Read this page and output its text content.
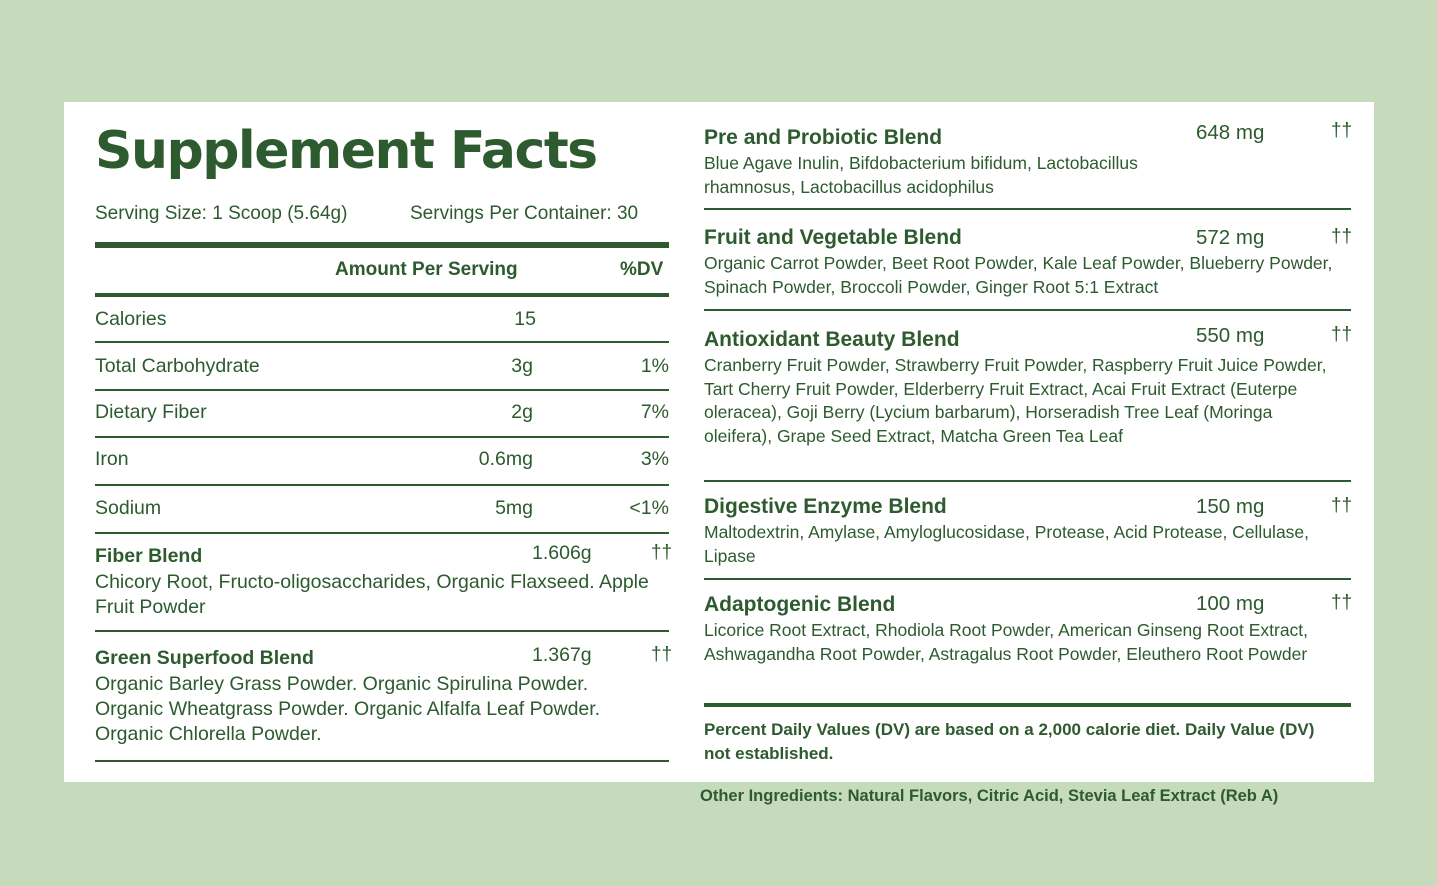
Supplement Facts
Serving Size: 1 Scoop (5.64g)	Servings Per Container: 30
Amount Per Serving	%DV
Calories	15
Total Carbohydrate	3g	1%
Dietary Fiber	2g	7%
Iron	0.6mg	3%
Sodium	5mg	<1%
Fiber Blend	1.606g	††
Chicory Root, Fructo-oligosaccharides, Organic Flaxseed. Apple Fruit Powder
Green Superfood Blend	1.367g	††
Organic Barley Grass Powder. Organic Spirulina Powder. Organic Wheatgrass Powder. Organic Alfalfa Leaf Powder. Organic Chlorella Powder.
Pre and Probiotic Blend	648 mg	††
Blue Agave Inulin, Bifdobacterium bifidum, Lactobacillus rhamnosus, Lactobacillus acidophilus
Fruit and Vegetable Blend	572 mg	††
Organic Carrot Powder, Beet Root Powder, Kale Leaf Powder, Blueberry Powder, Spinach Powder, Broccoli Powder, Ginger Root 5:1 Extract
Antioxidant Beauty Blend	550 mg	††
Cranberry Fruit Powder, Strawberry Fruit Powder, Raspberry Fruit Juice Powder, Tart Cherry Fruit Powder, Elderberry Fruit Extract, Acai Fruit Extract (Euterpe oleracea), Goji Berry (Lycium barbarum), Horseradish Tree Leaf (Moringa oleifera), Grape Seed Extract, Matcha Green Tea Leaf
Digestive Enzyme Blend	150 mg	††
Maltodextrin, Amylase, Amyloglucosidase, Protease, Acid Protease, Cellulase, Lipase
Adaptogenic Blend	100 mg	††
Licorice Root Extract, Rhodiola Root Powder, American Ginseng Root Extract, Ashwagandha Root Powder, Astragalus Root Powder, Eleuthero Root Powder
Percent Daily Values (DV) are based on a 2,000 calorie diet. Daily Value (DV) not established.
Other Ingredients: Natural Flavors, Citric Acid, Stevia Leaf Extract (Reb A)
